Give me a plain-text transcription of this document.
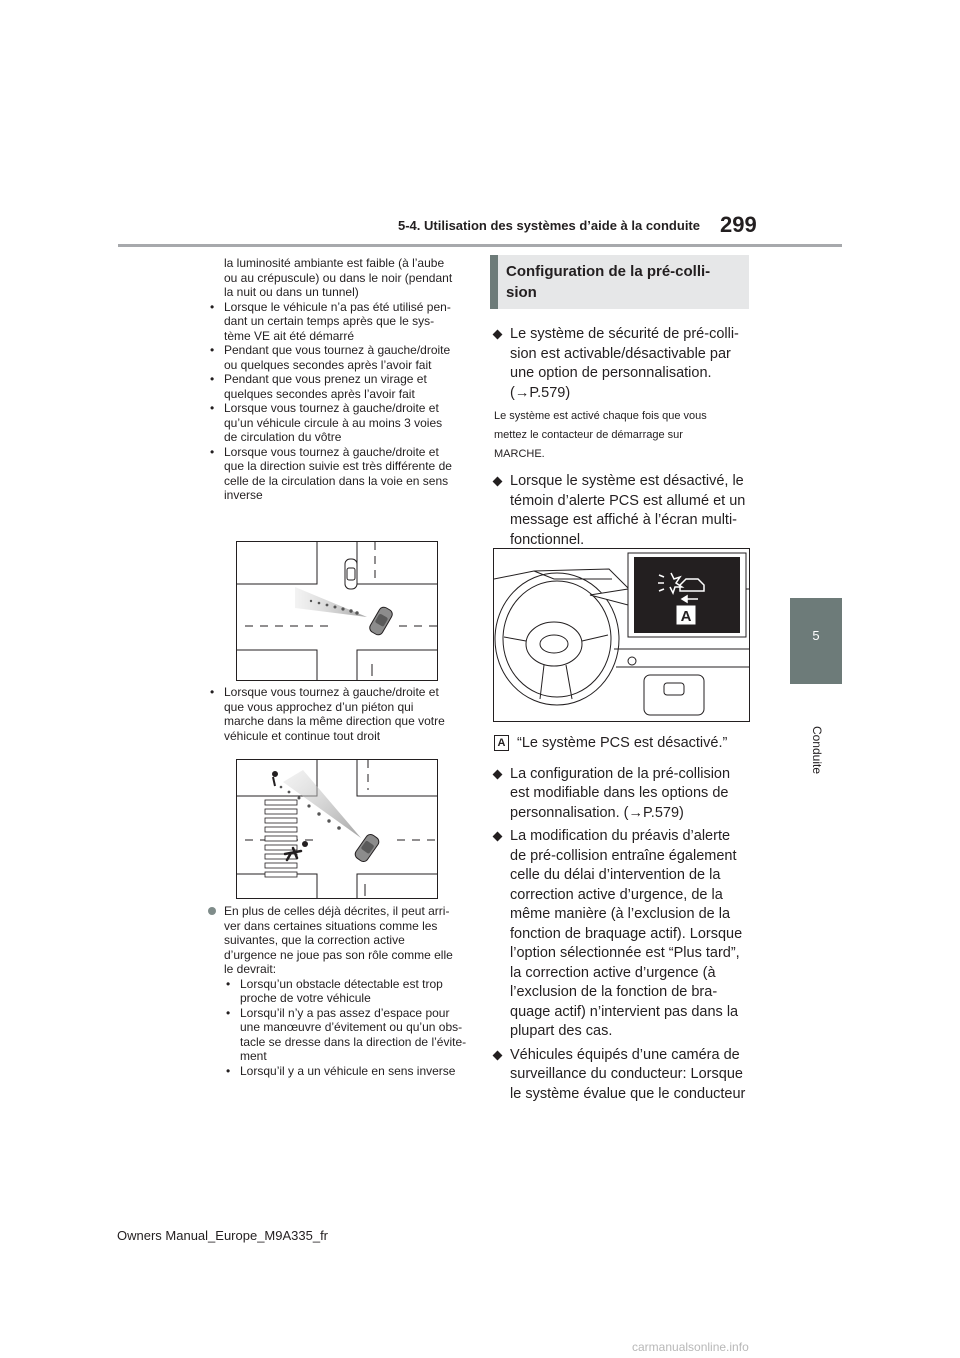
5-4. Utilisation des systèmes d’aide à la conduite 299
5
Conduite
la luminosité ambiante est faible (à l’aube
ou au crépuscule) ou dans le noir (pendant
la nuit ou dans un tunnel)
• Lorsque le véhicule n’a pas été utilisé pen-
dant un certain temps après que le sys-
tème VE ait été démarré
• Pendant que vous tournez à gauche/droite
ou quelques secondes après l’avoir fait
• Pendant que vous prenez un virage et
quelques secondes après l’avoir fait
• Lorsque vous tournez à gauche/droite et
qu’un véhicule circule à au moins 3 voies
de circulation du vôtre
• Lorsque vous tournez à gauche/droite et
que la direction suivie est très différente de
celle de la circulation dans la voie en sens
inverse
• Lorsque vous tournez à gauche/droite et
que vous approchez d’un piéton qui
marche dans la même direction que votre
véhicule et continue tout droit
En plus de celles déjà décrites, il peut arri-
ver dans certaines situations comme les
suivantes, que la correction active
d’urgence ne joue pas son rôle comme elle
le devrait:
• Lorsqu’un obstacle détectable est trop
proche de votre véhicule
• Lorsqu’il n’y a pas assez d’espace pour
une manœuvre d’évitement ou qu’un obs-
tacle se dresse dans la direction de l’évite-
ment
• Lorsqu’il y a un véhicule en sens inverse
Configuration de la pré-colli-
sion
Le système de sécurité de pré-colli-
sion est activable/désactivable par
une option de personnalisation.
(→P.579)
Le système est activé chaque fois que vous
mettez le contacteur de démarrage sur
MARCHE.
Lorsque le système est désactivé, le
témoin d’alerte PCS est allumé et un
message est affiché à l’écran multi-
fonctionnel.
A
A “Le système PCS est désactivé.”
La configuration de la pré-collision
est modifiable dans les options de
personnalisation. (→P.579)
La modification du préavis d’alerte
de pré-collision entraîne également
celle du délai d’intervention de la
correction active d’urgence, de la
même manière (à l’exclusion de la
fonction de braquage actif). Lorsque
l’option sélectionnée est “Plus tard”,
la correction active d’urgence (à
l’exclusion de la fonction de bra-
quage actif) n’intervient pas dans la
plupart des cas.
Véhicules équipés d’une caméra de
surveillance du conducteur: Lorsque
le système évalue que le conducteur
Owners Manual_Europe_M9A335_fr
carmanualsonline.info
